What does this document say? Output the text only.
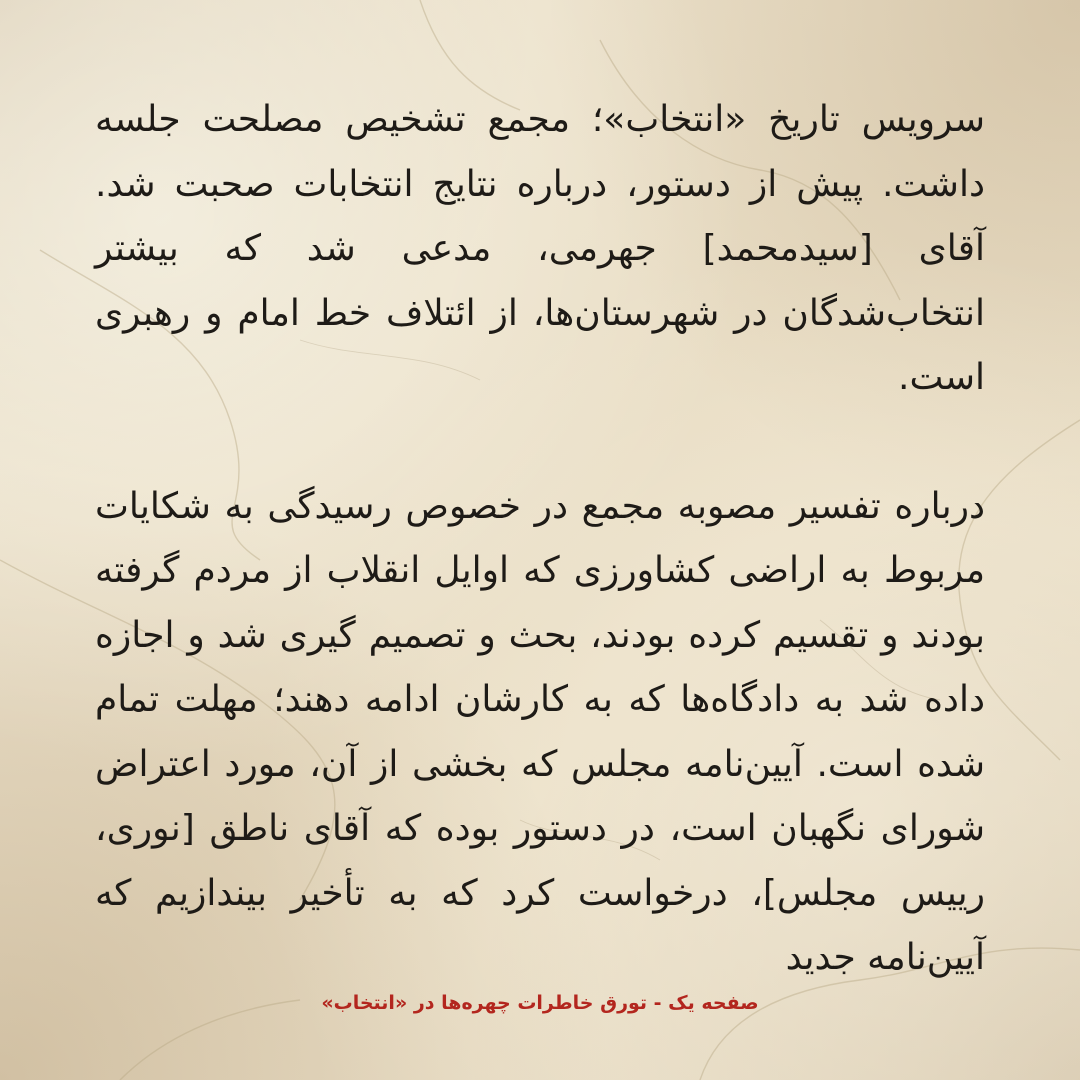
سرویس تاریخ «انتخاب»؛ مجمع تشخیص مصلحت جلسه داشت. پیش از دستور، درباره نتایج انتخابات صحبت شد. آقای [سیدمحمد] جهرمی، مدعی شد که بیشتر انتخاب‌شدگان در شهرستان‌ها، از ائتلاف خط امام و رهبری است.

درباره تفسیر مصوبه مجمع در خصوص رسیدگی به شکایات مربوط به اراضی کشاورزی که اوایل انقلاب از مردم گرفته بودند و تقسیم کرده بودند، بحث و تصمیم گیری شد و اجازه داده شد به دادگاه‌ها که به کارشان ادامه دهند؛ مهلت تمام شده است. آیین‌نامه مجلس که بخشی از آن، مورد اعتراض شورای نگهبان است، در دستور بوده که آقای ناطق [نوری، رییس مجلس]، درخواست کرد که به تأخیر بیندازیم که آیین‌نامه جدید

صفحه یک - تورق خاطرات چهره‌ها در «انتخاب»
